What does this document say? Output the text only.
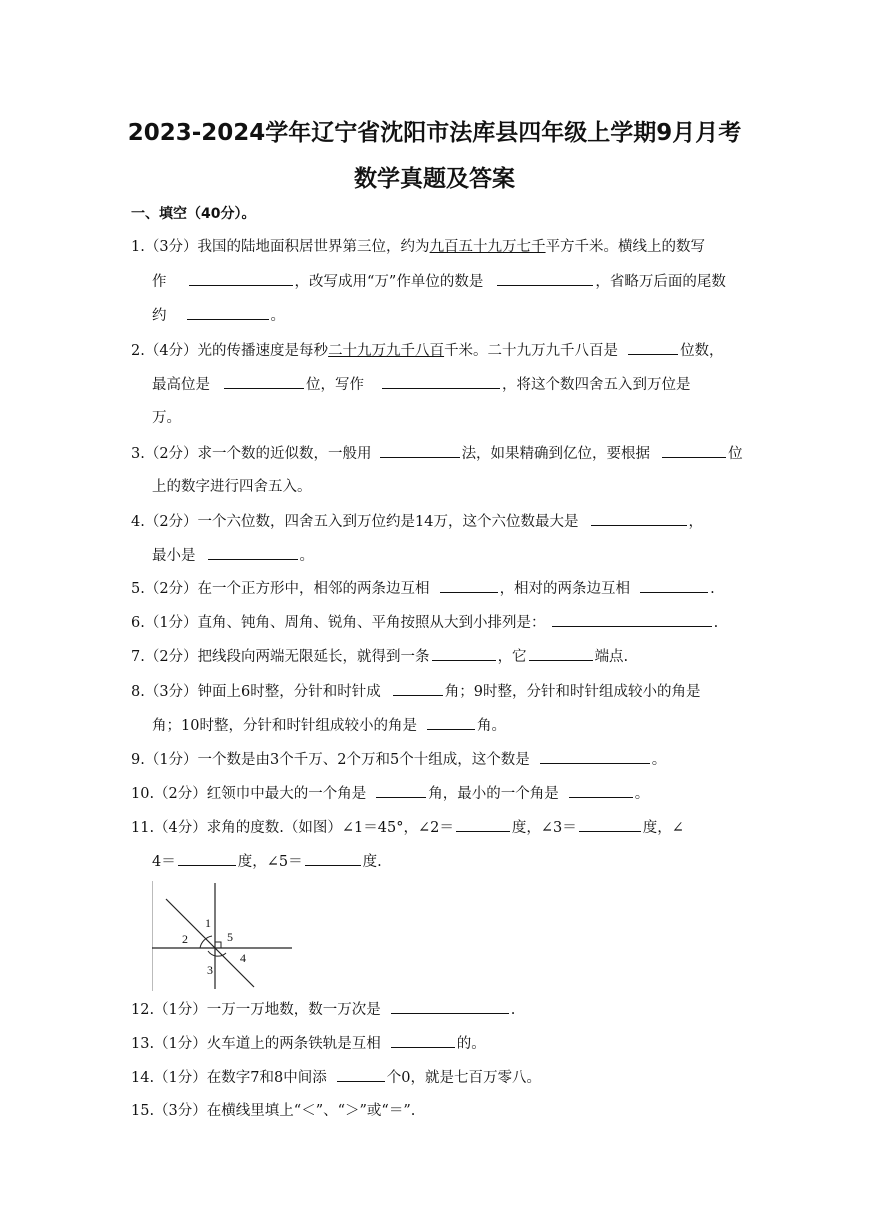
2023-2024学年辽宁省沈阳市法库县四年级上学期9月月考
数学真题及答案
一、填空（40分）。
1.（3分）我国的陆地面积居世界第三位，约为九百五十九万七千平方千米。横线上的数写
作	，改写成用“万”作单位的数是	，省略万后面的尾数
约	。
2.（4分）光的传播速度是每秒二十九万九千八百千米。二十九万九千八百是	位数，
最高位是	位，写作	，将这个数四舍五入到万位是
万。
3.（2分）求一个数的近似数，一般用	法，如果精确到亿位，要根据	位
上的数字进行四舍五入。
4.（2分）一个六位数，四舍五入到万位约是14万，这个六位数最大是	，
最小是	。
5.（2分）在一个正方形中，相邻的两条边互相	，相对的两条边互相	.
6.（1分）直角、钝角、周角、锐角、平角按照从大到小排列是：	.
7.（2分）把线段向两端无限延长，就得到一条	，它	端点.
8.（3分）钟面上6时整，分针和时针成	角；9时整，分针和时针组成较小的角是
角；10时整，分针和时针组成较小的角是	角。
9.（1分）一个数是由3个千万、2个万和5个十组成，这个数是	。
10.（2分）红领巾中最大的一个角是	角，最小的一个角是	。
11.（4分）求角的度数.（如图）∠1＝45°，∠2＝	度，∠3＝	度，∠
4＝	度，∠5＝	度.
1
2
3
4
5
12.（1分）一万一万地数，数一万次是	.
13.（1分）火车道上的两条铁轨是互相	的。
14.（1分）在数字7和8中间添	个0，就是七百万零八。
15.（3分）在横线里填上“＜”、“＞”或“＝”.
